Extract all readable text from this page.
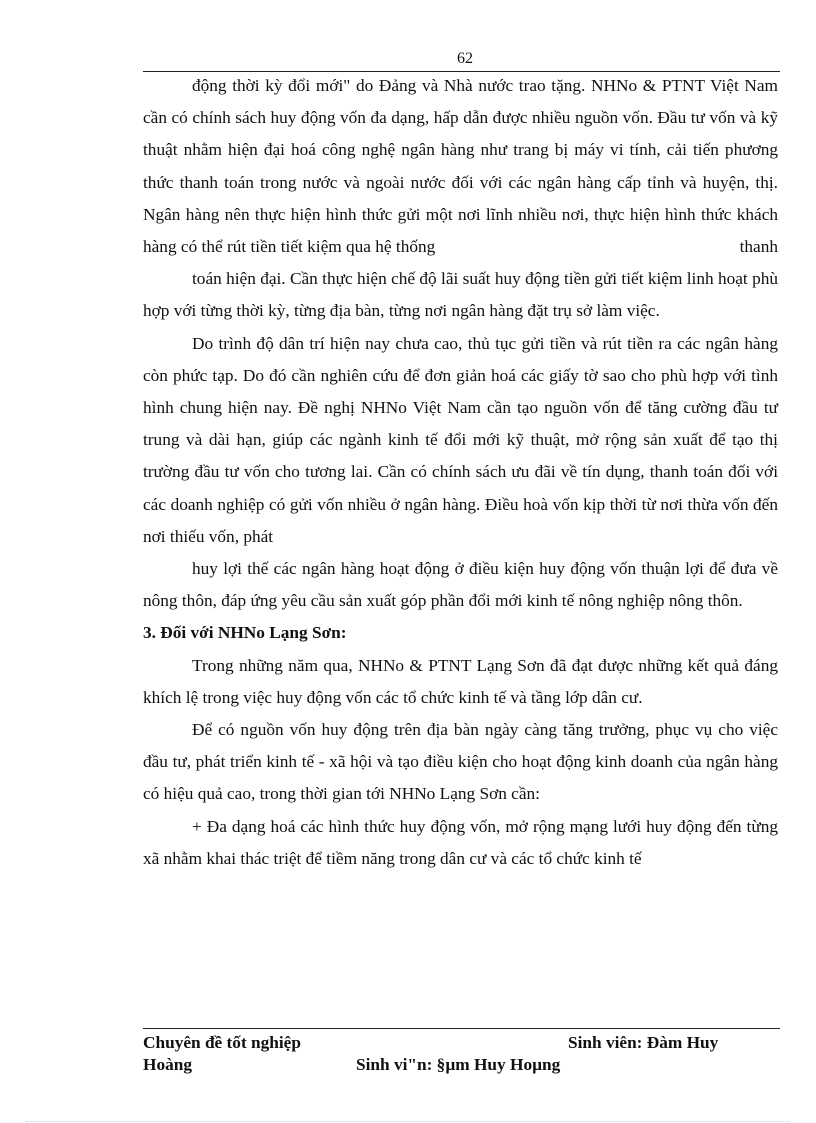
62

động thời kỳ đổi mới" do Đảng và Nhà nước trao tặng. NHNo & PTNT Việt Nam cần có chính sách huy động vốn đa dạng, hấp dẫn được nhiều nguồn vốn. Đầu tư vốn và kỹ thuật nhằm hiện đại hoá công nghệ ngân hàng như trang bị máy vi tính, cải tiến phương thức thanh toán trong nước và ngoài nước đối với các ngân hàng cấp tỉnh và huyện, thị. Ngân hàng nên thực hiện hình thức gửi một nơi lĩnh nhiều nơi, thực hiện hình thức khách hàng có thể rút tiền tiết kiệm qua hệ thống	thanh

toán hiện đại. Cần thực hiện chế độ lãi suất huy động tiền gửi tiết kiệm linh hoạt phù hợp với từng thời kỳ, từng địa bàn, từng nơi ngân hàng đặt trụ sở làm việc.

Do trình độ dân trí hiện nay chưa cao, thủ tục gửi tiền và rút tiền ra các ngân hàng còn phức tạp. Do đó cần nghiên cứu để đơn giản hoá các giấy tờ sao cho phù hợp với tình hình chung hiện nay. Đề nghị NHNo Việt Nam cần tạo nguồn vốn để tăng cường đầu tư trung và dài hạn, giúp các ngành kinh tế đổi mới kỹ thuật, mở rộng sản xuất để tạo thị trường đầu tư vốn cho tương lai. Cần có chính sách ưu đãi về tín dụng, thanh toán đối với các doanh nghiệp có gửi vốn nhiều ở ngân hàng. Điều hoà vốn kịp thời từ nơi thừa vốn đến nơi thiếu vốn, phát

huy lợi thế các ngân hàng hoạt động ở điều kiện huy động vốn thuận lợi để đưa về nông thôn, đáp ứng yêu cầu sản xuất góp phần đổi mới kinh tế nông nghiệp nông thôn.

3. Đối với NHNo Lạng Sơn:

Trong những năm qua, NHNo & PTNT Lạng Sơn đã đạt được những kết quả đáng khích lệ trong việc huy động vốn các tổ chức kinh tế và tầng lớp dân cư.

Để có nguồn vốn huy động trên địa bàn ngày càng tăng trưởng, phục vụ cho việc đầu tư, phát triển kinh tế - xã hội và tạo điều kiện cho hoạt động kinh doanh của ngân hàng có hiệu quả cao, trong thời gian tới NHNo Lạng Sơn cần:

+ Đa dạng hoá các hình thức huy động vốn, mở rộng mạng lưới huy động đến từng xã nhằm khai thác triệt để tiềm năng trong dân cư và các tổ chức kinh tế

Chuyên đề tốt nghiệp	Sinh viên: Đàm Huy
Hoàng	Sinh vi"n: §µm Huy Hoµng
